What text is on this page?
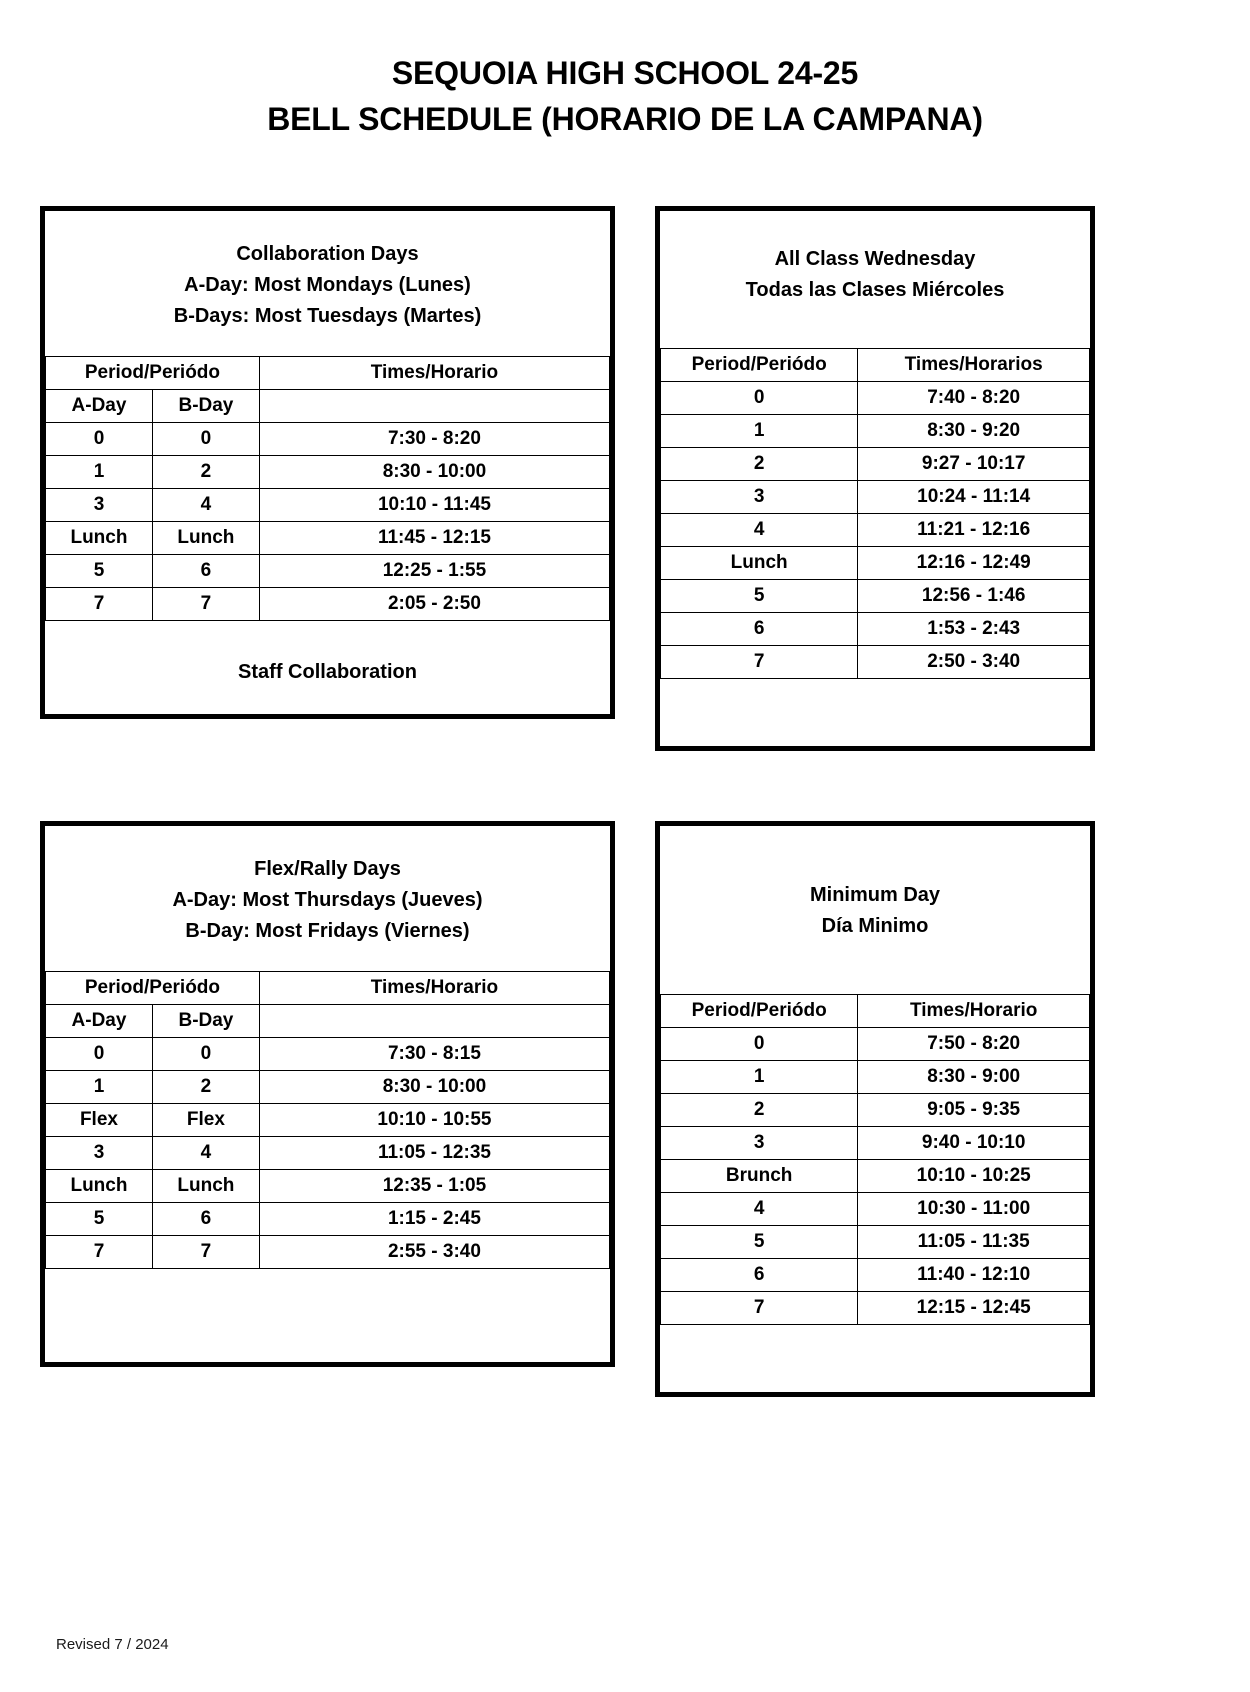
SEQUOIA HIGH SCHOOL 24-25
BELL SCHEDULE (HORARIO DE LA CAMPANA)
Collaboration Days
A-Day: Most Mondays (Lunes)
B-Days: Most Tuesdays (Martes)
Period/Periódo		Times/Horario
A-Day	B-Day	
0	0	7:30 - 8:20
1	2	8:30 - 10:00
3	4	10:10 - 11:45
Lunch	Lunch	11:45 - 12:15
5	6	12:25 - 1:55
7	7	2:05 - 2:50
Staff Collaboration
All Class Wednesday
Todas las Clases Miércoles
Period/Periódo	Times/Horarios
0	7:40 - 8:20
1	8:30 - 9:20
2	9:27 - 10:17
3	10:24 - 11:14
4	11:21 - 12:16
Lunch	12:16 - 12:49
5	12:56 - 1:46
6	1:53 - 2:43
7	2:50 - 3:40

Flex/Rally Days
A-Day: Most Thursdays (Jueves)
B-Day: Most Fridays (Viernes)
Period/Periódo		Times/Horario
A-Day	B-Day	
0	0	7:30 - 8:15
1	2	8:30 - 10:00
Flex	Flex	10:10 - 10:55
3	4	11:05 - 12:35
Lunch	Lunch	12:35 - 1:05
5	6	1:15 - 2:45
7	7	2:55 - 3:40

Minimum Day
Día Minimo
Period/Periódo	Times/Horario
0	7:50 - 8:20
1	8:30 - 9:00
2	9:05 - 9:35
3	9:40 - 10:10
Brunch	10:10 - 10:25
4	10:30 - 11:00
5	11:05 - 11:35
6	11:40 - 12:10
7	12:15 - 12:45

Revised 7 / 2024
